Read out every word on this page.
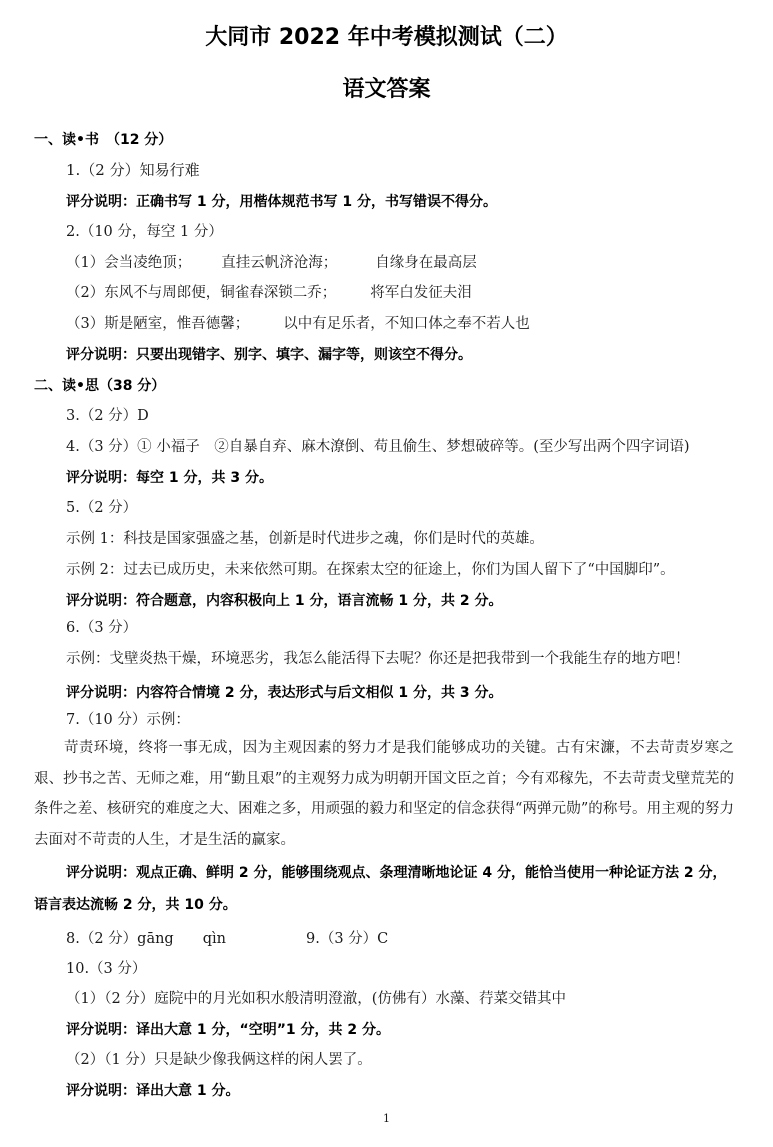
大同市 2022 年中考模拟测试（二）
语文答案
一、读•书　（12 分）
1.（2 分）知易行难
评分说明：正确书写 1 分，用楷体规范书写 1 分，书写错误不得分。
2.（10 分，每空 1 分）
（1）会当凌绝顶； 直挂云帆济沧海；	自缘身在最高层
（2）东风不与周郎便，铜雀春深锁二乔； 将军白发征夫泪
（3）斯是陋室，惟吾德馨； 以中有足乐者，不知口体之奉不若人也
评分说明：只要出现错字、别字、填字、漏字等，则该空不得分。
二、读•思（38 分）
3.（2 分）D
4.（3 分）① 小福子　②自暴自弃、麻木潦倒、苟且偷生、梦想破碎等。(至少写出两个四字词语)
评分说明：每空 1 分，共 3 分。
5.（2 分）
示例 1：科技是国家强盛之基，创新是时代进步之魂，你们是时代的英雄。
示例 2：过去已成历史，未来依然可期。在探索太空的征途上，你们为国人留下了“中国脚印”。
评分说明：符合题意，内容积极向上 1 分，语言流畅 1 分，共 2 分。
6.（3 分）
示例：戈壁炎热干燥，环境恶劣，我怎么能活得下去呢？你还是把我带到一个我能生存的地方吧！
评分说明：内容符合情境 2 分，表达形式与后文相似 1 分，共 3 分。
7.（10 分）示例：
苛责环境，终将一事无成，因为主观因素的努力才是我们能够成功的关键。古有宋濂，不去苛责岁寒之艰、抄书之苦、无师之难，用“勤且艰”的主观努力成为明朝开国文臣之首；今有邓稼先，不去苛责戈壁荒芜的条件之差、核研究的难度之大、困难之多，用顽强的毅力和坚定的信念获得“两弹元勋”的称号。用主观的努力去面对不苛责的人生，才是生活的赢家。
评分说明：观点正确、鲜明 2 分，能够围绕观点、条理清晰地论证 4 分，能恰当使用一种论证方法 2 分，语言表达流畅 2 分，共 10 分。
8.（2 分）gāng　　qìn	9.（3 分）C
10.（3 分）
（1）（2 分）庭院中的月光如积水般清明澄澈，(仿佛有）水藻、荇菜交错其中
评分说明：译出大意 1 分，“空明”1 分，共 2 分。
（2）（1 分）只是缺少像我俩这样的闲人罢了。
评分说明：译出大意 1 分。
1
